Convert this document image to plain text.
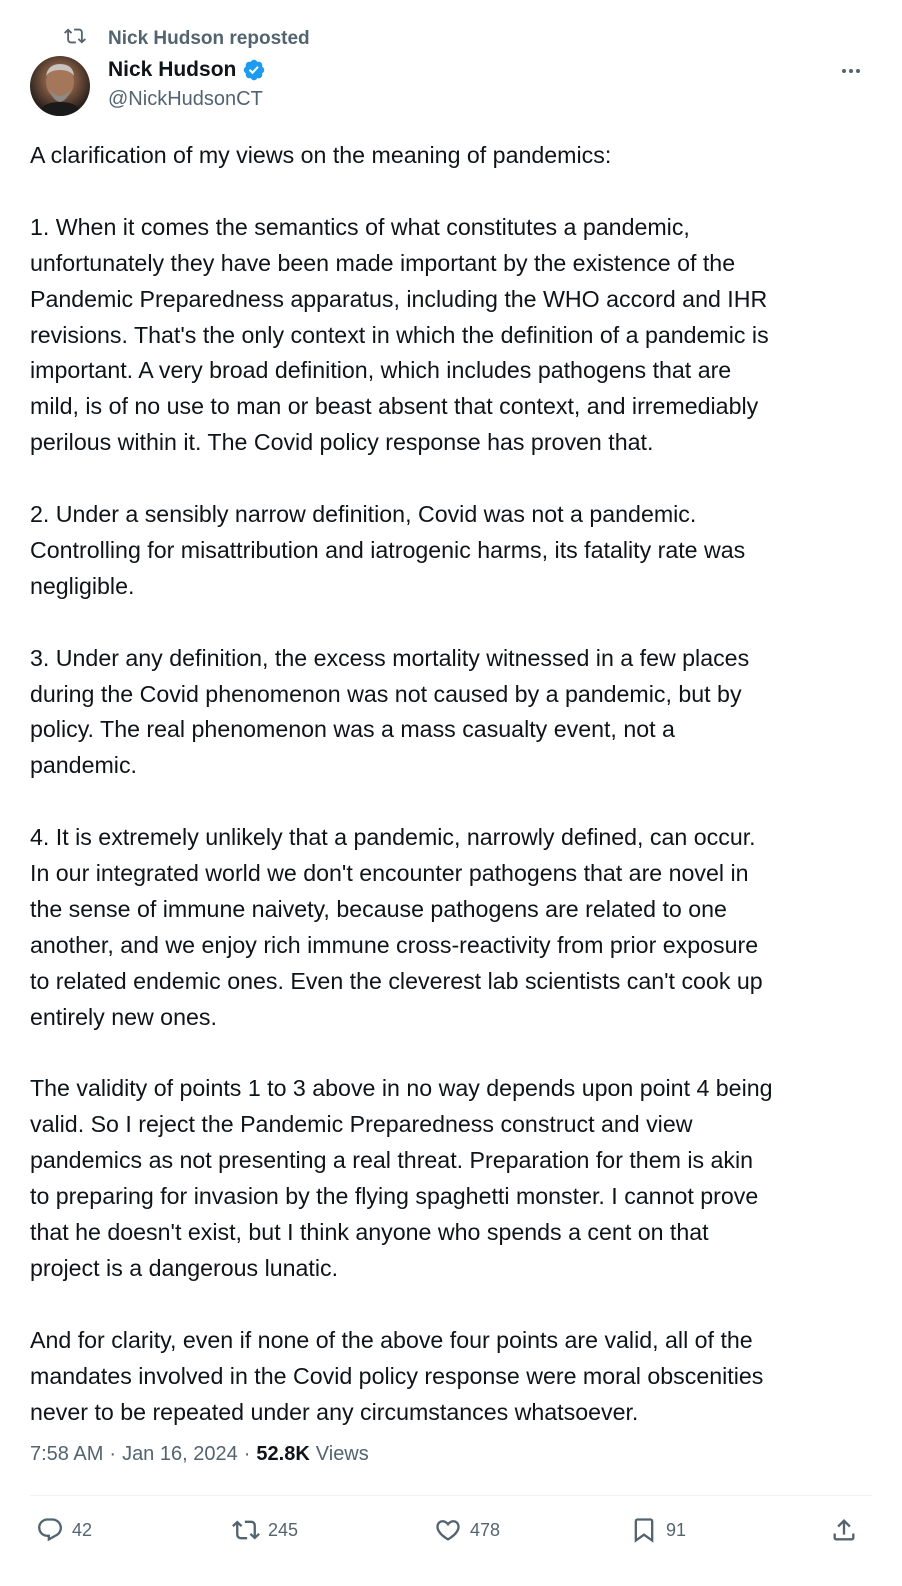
Nick Hudson reposted
Nick Hudson
@NickHudsonCT

A clarification of my views on the meaning of pandemics:

1. When it comes the semantics of what constitutes a pandemic,

unfortunately they have been made important by the existence of the

Pandemic Preparedness apparatus, including the WHO accord and IHR

revisions. That's the only context in which the definition of a pandemic is

important. A very broad definition, which includes pathogens that are

mild, is of no use to man or beast absent that context, and irremediably

perilous within it. The Covid policy response has proven that.

2. Under a sensibly narrow definition, Covid was not a pandemic.

Controlling for misattribution and iatrogenic harms, its fatality rate was

negligible.

3. Under any definition, the excess mortality witnessed in a few places

during the Covid phenomenon was not caused by a pandemic, but by

policy. The real phenomenon was a mass casualty event, not a

pandemic.

4. It is extremely unlikely that a pandemic, narrowly defined, can occur.

In our integrated world we don't encounter pathogens that are novel in

the sense of immune naivety, because pathogens are related to one

another, and we enjoy rich immune cross-reactivity from prior exposure

to related endemic ones. Even the cleverest lab scientists can't cook up

entirely new ones.

The validity of points 1 to 3 above in no way depends upon point 4 being

valid. So I reject the Pandemic Preparedness construct and view

pandemics as not presenting a real threat. Preparation for them is akin

to preparing for invasion by the flying spaghetti monster. I cannot prove

that he doesn't exist, but I think anyone who spends a cent on that

project is a dangerous lunatic.

And for clarity, even if none of the above four points are valid, all of the

mandates involved in the Covid policy response were moral obscenities

never to be repeated under any circumstances whatsoever.

7:58 AM · Jan 16, 2024 · 52.8K Views
42	245	478	91
